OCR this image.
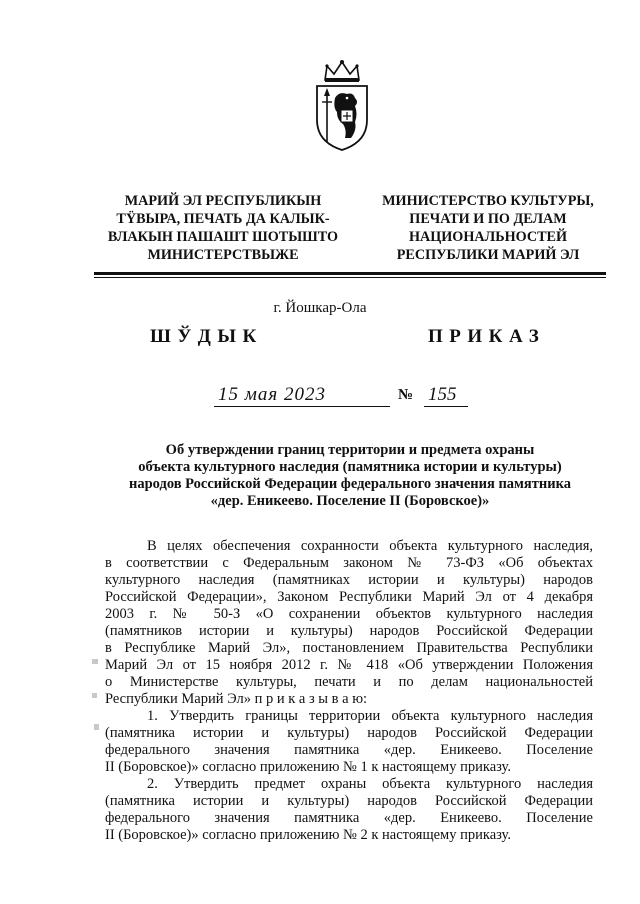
МАРИЙ ЭЛ РЕСПУБЛИКЫН
ТŸВЫРА, ПЕЧАТЬ ДА КАЛЫК-
ВЛАКЫН ПАШАШТ ШОТЫШТО
МИНИСТЕРСТВЫЖЕ
МИНИСТЕРСТВО КУЛЬТУРЫ,
ПЕЧАТИ И ПО ДЕЛАМ
НАЦИОНАЛЬНОСТЕЙ
РЕСПУБЛИКИ МАРИЙ ЭЛ
г. Йошкар-Ола
ШЎДЫК	ПРИКАЗ
15 мая 2023	№ 155
Об утверждении границ территории и предмета охраны
объекта культурного наследия (памятника истории и культуры)
народов Российской Федерации федерального значения памятника
«дер. Еникеево. Поселение II (Боровское)»
В целях обеспечения сохранности объекта культурного наследия,
в соответствии с Федеральным законом № 73-ФЗ «Об объектах
культурного наследия (памятниках истории и культуры) народов
Российской Федерации», Законом Республики Марий Эл от 4 декабря
2003 г. № 50-З «О сохранении объектов культурного наследия
(памятников истории и культуры) народов Российской Федерации
в Республике Марий Эл», постановлением Правительства Республики
Марий Эл от 15 ноября 2012 г. № 418 «Об утверждении Положения
о Министерстве культуры, печати и по делам национальностей
Республики Марий Эл» п р и к а з ы в а ю:
1. Утвердить границы территории объекта культурного наследия
(памятника истории и культуры) народов Российской Федерации
федерального значения памятника «дер. Еникеево. Поселение
II (Боровское)» согласно приложению № 1 к настоящему приказу.
2. Утвердить предмет охраны объекта культурного наследия
(памятника истории и культуры) народов Российской Федерации
федерального значения памятника «дер. Еникеево. Поселение
II (Боровское)» согласно приложению № 2 к настоящему приказу.
